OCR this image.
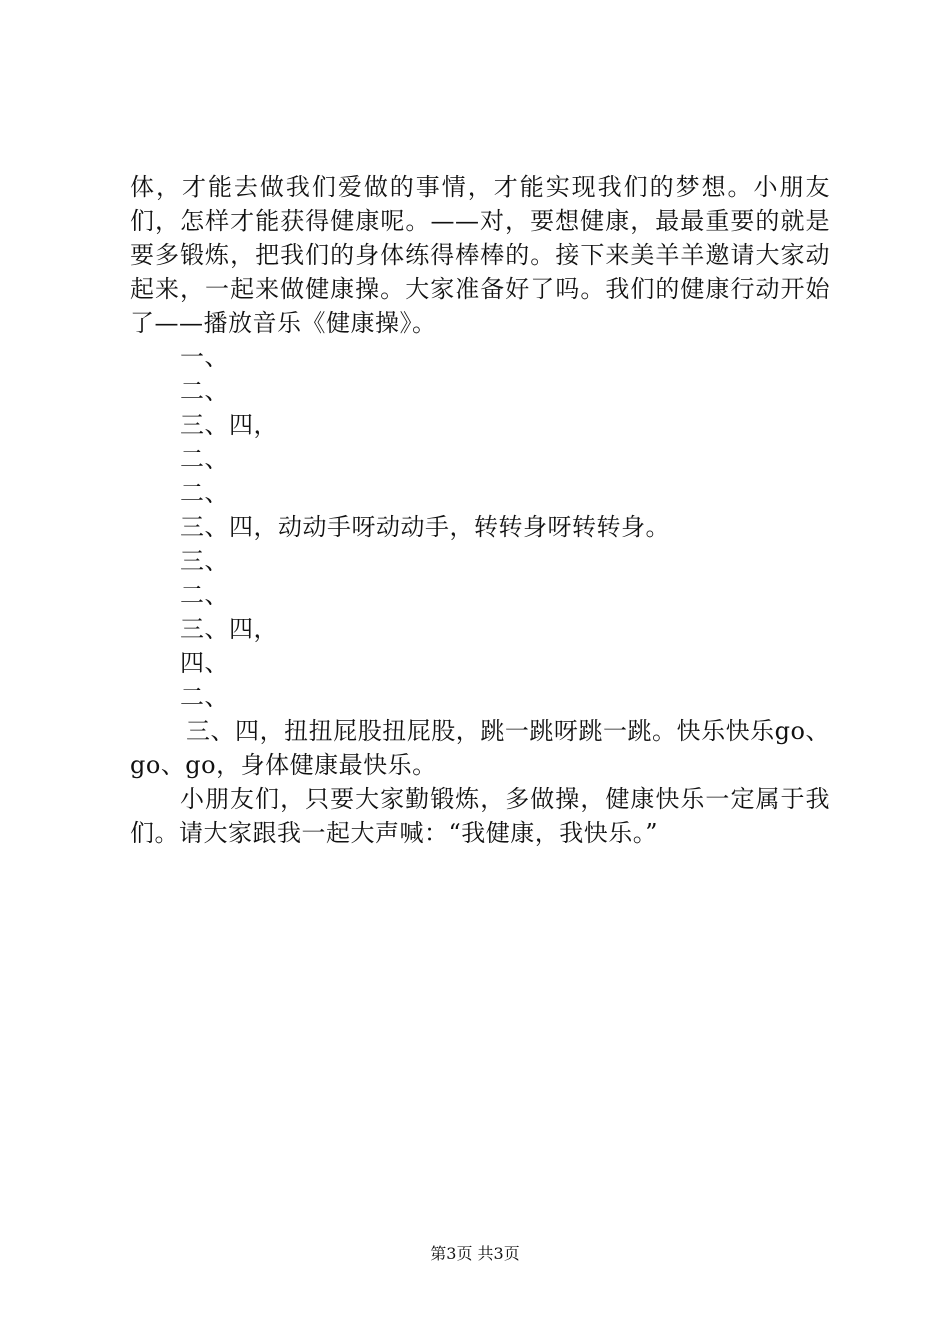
体，才能去做我们爱做的事情，才能实现我们的梦想。小朋友们，怎样才能获得健康呢。——对，要想健康，最最重要的就是要多锻炼，把我们的身体练得棒棒的。接下来美羊羊邀请大家动起来，一起来做健康操。大家准备好了吗。我们的健康行动开始了——播放音乐《健康操》。

一、

二、

三、四，

二、

二、

三、四，动动手呀动动手，转转身呀转转身。

三、

二、

三、四，

四、

二、

三、四，扭扭屁股扭屁股，跳一跳呀跳一跳。快乐快乐go、go、go，身体健康最快乐。

小朋友们，只要大家勤锻炼，多做操，健康快乐一定属于我们。请大家跟我一起大声喊：“我健康，我快乐。”

第3页 共3页
